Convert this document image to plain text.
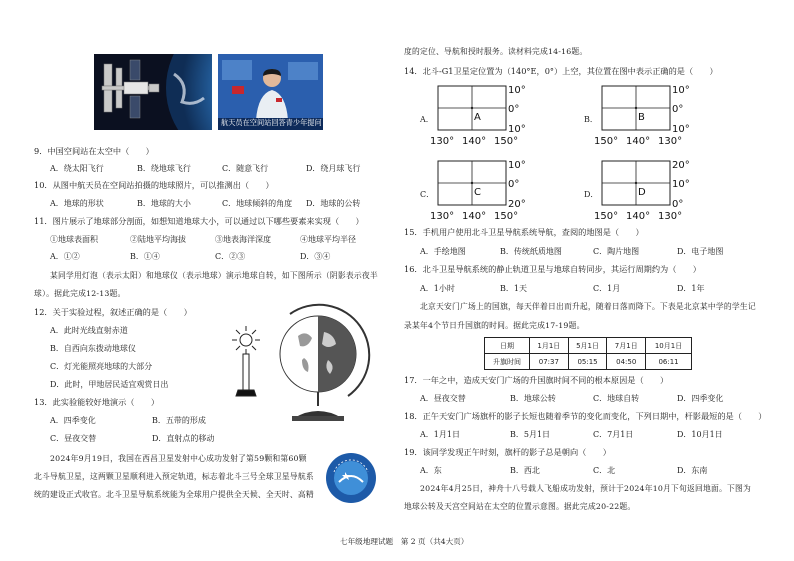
航天员在空间站回答青少年提问
9．中国空间站在太空中（　　）
A．绕太阳飞行	B．绕地球飞行	C．随意飞行	D．绕月球飞行
10．从图中航天员在空间站拍摄的地球照片，可以推测出（　　）
A．地球的形状	B．地球的大小	C．地球倾斜的角度 D．地球的公转
11．图片展示了地球部分剖面，如想知道地球大小，可以通过以下哪些要素来实现（　　）
①地球表面积	②陆地平均海拔	③地表海洋深度	④地球平均半径
A．①②	B．①④	C．②③	D．③④
某同学用灯泡（表示太阳）和地球仪（表示地球）演示地球自转，如下图所示（阴影表示夜半
球）。据此完成12-13题。
12．关于实验过程，叙述正确的是（　　）
A．此时光线直射赤道
B．自西向东拨动地球仪
C．灯光能照亮地球的大部分
D．此时，甲地居民适宜观赏日出
13．此实验能较好地演示（　　）
A．四季变化	B．五带的形成
C．昼夜交替	D．直射点的移动
2024年9月19日，我国在西昌卫星发射中心成功发射了第59颗和第60颗
北斗导航卫星，这两颗卫星顺利进入预定轨道，标志着北斗三号全球卫星导航系
统的建设正式收官。北斗卫星导航系统能为全球用户提供全天候、全天时、高精
度的定位、导航和授时服务。读材料完成14-16题。
14．北斗-G1卫星定位置为（140°E，0°）上空，其位置在图中表示正确的是（　　）
A．	A
10°
0°
10°
130° 140° 150°
B．	B
10°
0°
10°
150° 140° 130°
C．	C
10°
0°
20°
130° 140° 150°
D．	D
20°
10°
0°
150° 140° 130°
15．手机用户使用北斗卫星导航系统导航，查阅的地图是（　　）
A．手绘地图	B．传统纸质地图	C．陶片地图	D．电子地图
16．北斗卫星导航系统的静止轨道卫星与地球自转同步，其运行周期约为（　　）
A．1小时	B．1天	C．1月	D．1年
北京天安门广场上的国旗，每天伴着日出而升起，随着日落而降下。下表是北京某中学的学生记
录某年4个节日升国旗的时间。据此完成17-19题。
日期	1月1日	5月1日	7月1日	10月1日
升旗时间	07:37	05:15	04:50	06:11
17．一年之中，造成天安门广场的升国旗时间不同的根本原因是（　　）
A．昼夜交替	B．地球公转	C．地球自转	D．四季变化
18．正午天安门广场旗杆的影子长短也随着季节的变化而变化，下列日期中，杆影最短的是（　　）
A．1月1日	B．5月1日	C．7月1日	D．10月1日
19．该同学发现正午时刻，旗杆的影子总是朝向（　　）
A．东	B．西北	C．北	D．东南
2024年4月25日，神舟十八号载人飞船成功发射，预计于2024年10月下旬返回地面。下图为
地球公转及天宫空间站在太空的位置示意图。据此完成20-22题。
七年级地理试题　第 2 页（共4大页）
